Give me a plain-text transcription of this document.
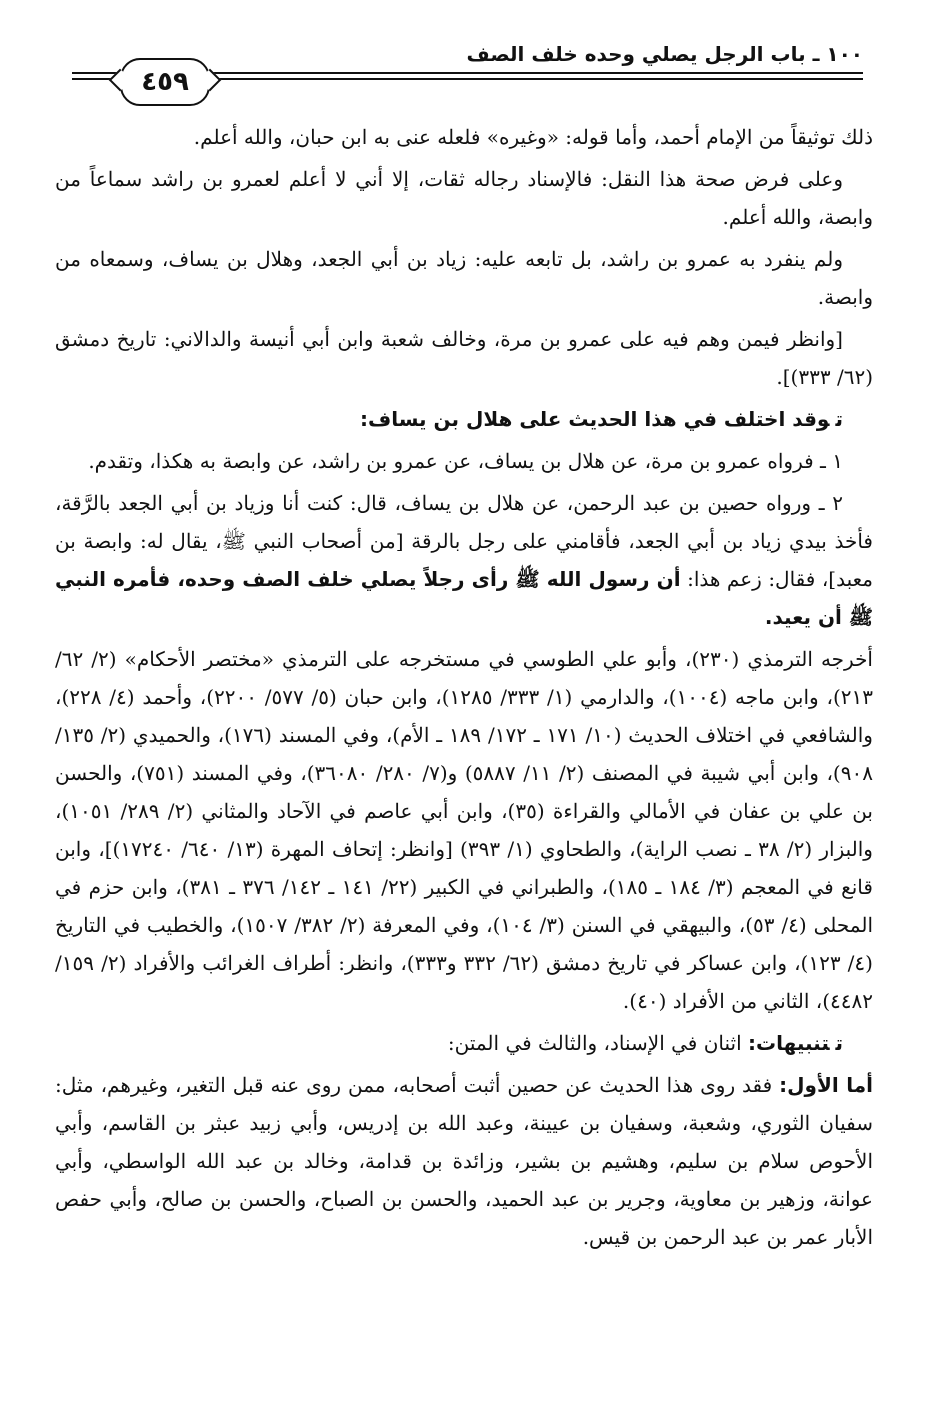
١٠٠ ـ باب الرجل يصلي وحده خلف الصف
٤٥٩

ذلك توثيقاً من الإمام أحمد، وأما قوله: «وغيره» فلعله عنى به ابن حبان، والله أعلم.

وعلى فرض صحة هذا النقل: فالإسناد رجاله ثقات، إلا أني لا أعلم لعمرو بن راشد سماعاً من وابصة، والله أعلم.

ولم ينفرد به عمرو بن راشد، بل تابعه عليه: زياد بن أبي الجعد، وهلال بن يساف، وسمعاه من وابصة.

[وانظر فيمن وهم فيه على عمرو بن مرة، وخالف شعبة وابن أبي أنيسة والدالاني: تاريخ دمشق (٦٢/ ٣٣٣)].

توقد اختلف في هذا الحديث على هلال بن يساف:

١ ـ فرواه عمرو بن مرة، عن هلال بن يساف، عن عمرو بن راشد، عن وابصة به هكذا، وتقدم.

٢ ـ ورواه حصين بن عبد الرحمن، عن هلال بن يساف، قال: كنت أنا وزياد بن أبي الجعد بالرَّقة، فأخذ بيدي زياد بن أبي الجعد، فأقامني على رجل بالرقة [من أصحاب النبي ﷺ، يقال له: وابصة بن معبد]، فقال: زعم هذا: أن رسول الله ﷺ رأى رجلاً يصلي خلف الصف وحده، فأمره النبي ﷺ أن يعيد.

أخرجه الترمذي (٢٣٠)، وأبو علي الطوسي في مستخرجه على الترمذي «مختصر الأحكام» (٢/ ٦٢/ ٢١٣)، وابن ماجه (١٠٠٤)، والدارمي (١/ ٣٣٣/ ١٢٨٥)، وابن حبان (٥/ ٥٧٧/ ٢٢٠٠)، وأحمد (٤/ ٢٢٨)، والشافعي في اختلاف الحديث (١٠/ ١٧١ ـ ١٧٢/ ١٨٩ ـ الأم)، وفي المسند (١٧٦)، والحميدي (٢/ ١٣٥/ ٩٠٨)، وابن أبي شيبة في المصنف (٢/ ١١/ ٥٨٨٧) و(٧/ ٢٨٠/ ٣٦٠٨٠)، وفي المسند (٧٥١)، والحسن بن علي بن عفان في الأمالي والقراءة (٣٥)، وابن أبي عاصم في الآحاد والمثاني (٢/ ٢٨٩/ ١٠٥١)، والبزار (٢/ ٣٨ ـ نصب الراية)، والطحاوي (١/ ٣٩٣) [وانظر: إتحاف المهرة (١٣/ ٦٤٠/ ١٧٢٤٠)]، وابن قانع في المعجم (٣/ ١٨٤ ـ ١٨٥)، والطبراني في الكبير (٢٢/ ١٤١ ـ ١٤٢/ ٣٧٦ ـ ٣٨١)، وابن حزم في المحلى (٤/ ٥٣)، والبيهقي في السنن (٣/ ١٠٤)، وفي المعرفة (٢/ ٣٨٢/ ١٥٠٧)، والخطيب في التاريخ (٤/ ١٢٣)، وابن عساكر في تاريخ دمشق (٦٢/ ٣٣٢ و٣٣٣)، وانظر: أطراف الغرائب والأفراد (٢/ ١٥٩/ ٤٤٨٢)، الثاني من الأفراد (٤٠).

تتنبيهات: اثنان في الإسناد، والثالث في المتن:

أما الأول: فقد روى هذا الحديث عن حصين أثبت أصحابه، ممن روى عنه قبل التغير، وغيرهم، مثل: سفيان الثوري، وشعبة، وسفيان بن عيينة، وعبد الله بن إدريس، وأبي زبيد عبثر بن القاسم، وأبي الأحوص سلام بن سليم، وهشيم بن بشير، وزائدة بن قدامة، وخالد بن عبد الله الواسطي، وأبي عوانة، وزهير بن معاوية، وجرير بن عبد الحميد، والحسن بن الصباح، والحسن بن صالح، وأبي حفص الأبار عمر بن عبد الرحمن بن قيس.
